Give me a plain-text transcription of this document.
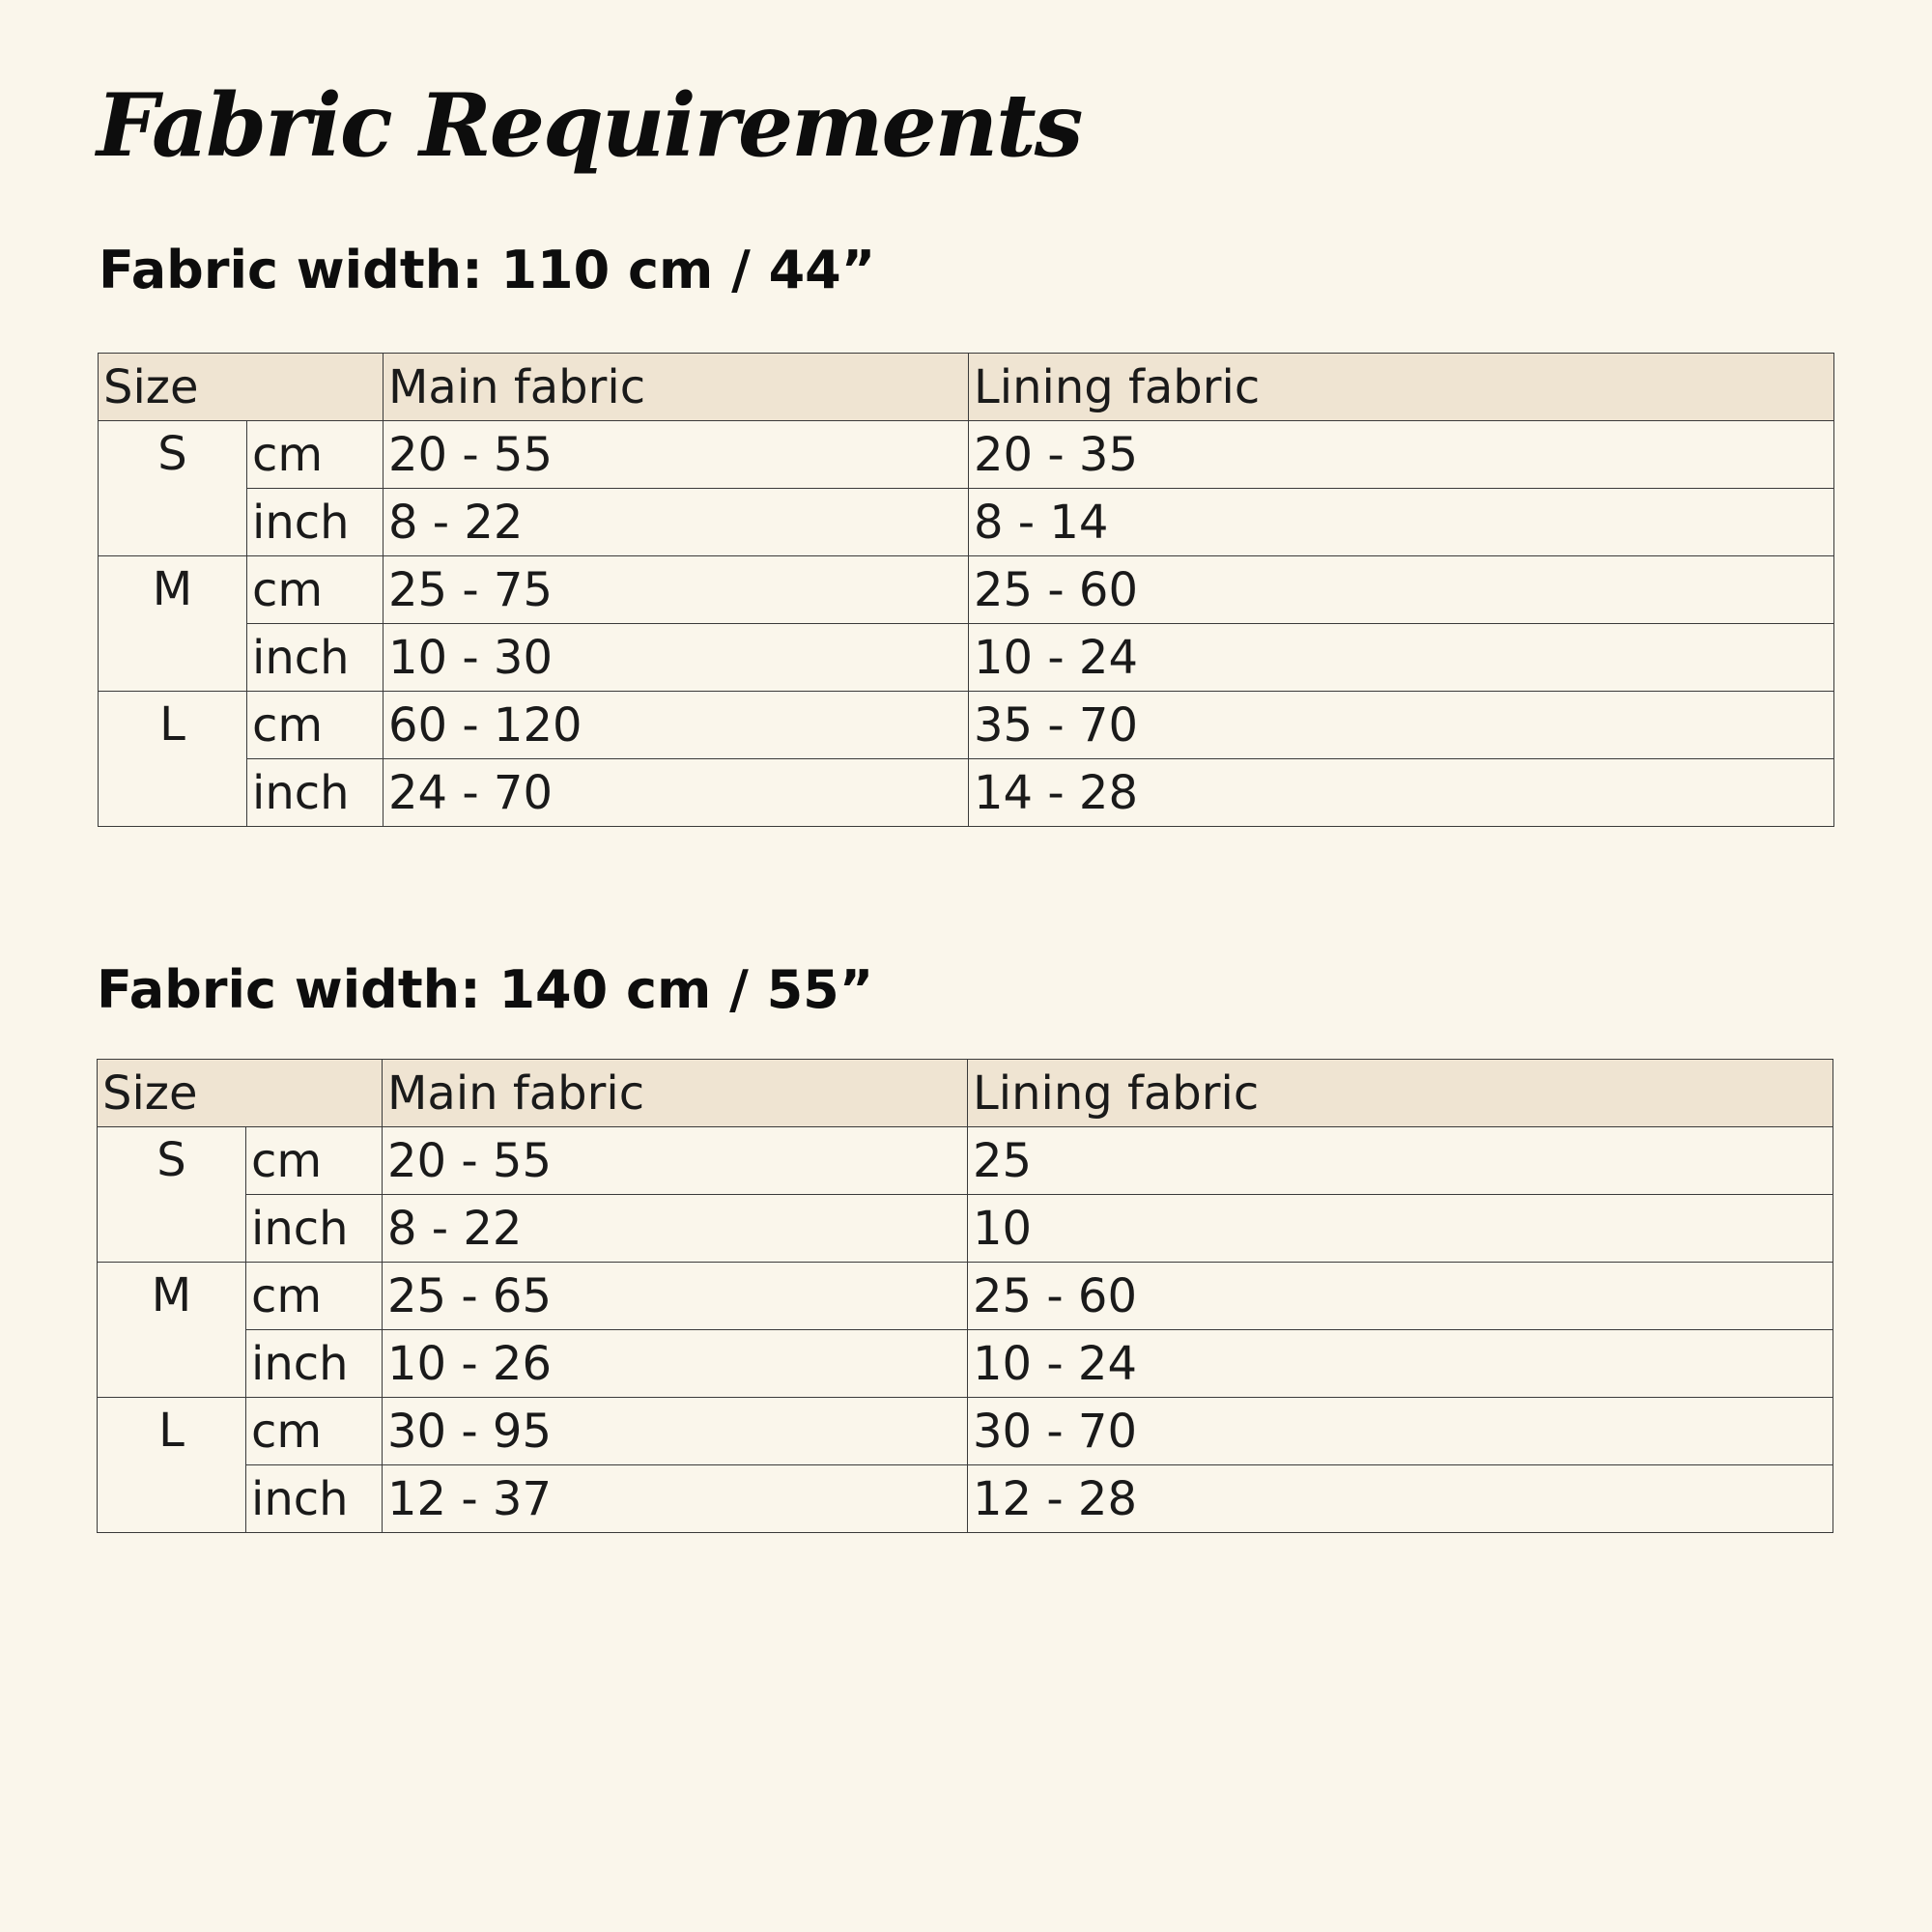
Fabric Requirements
Fabric width: 110 cm / 44”
Size		Main fabric	Lining fabric
S	cm	20 - 55	20 - 35
	inch	8 - 22	8 - 14
M	cm	25 - 75	25 - 60
	inch	10 - 30	10 - 24
L	cm	60 - 120	35 - 70
	inch	24 - 70	14 - 28
Fabric width: 140 cm / 55”
Size		Main fabric	Lining fabric
S	cm	20 - 55	25
	inch	8 - 22	10
M	cm	25 - 65	25 - 60
	inch	10 - 26	10 - 24
L	cm	30 - 95	30 - 70
	inch	12 - 37	12 - 28
